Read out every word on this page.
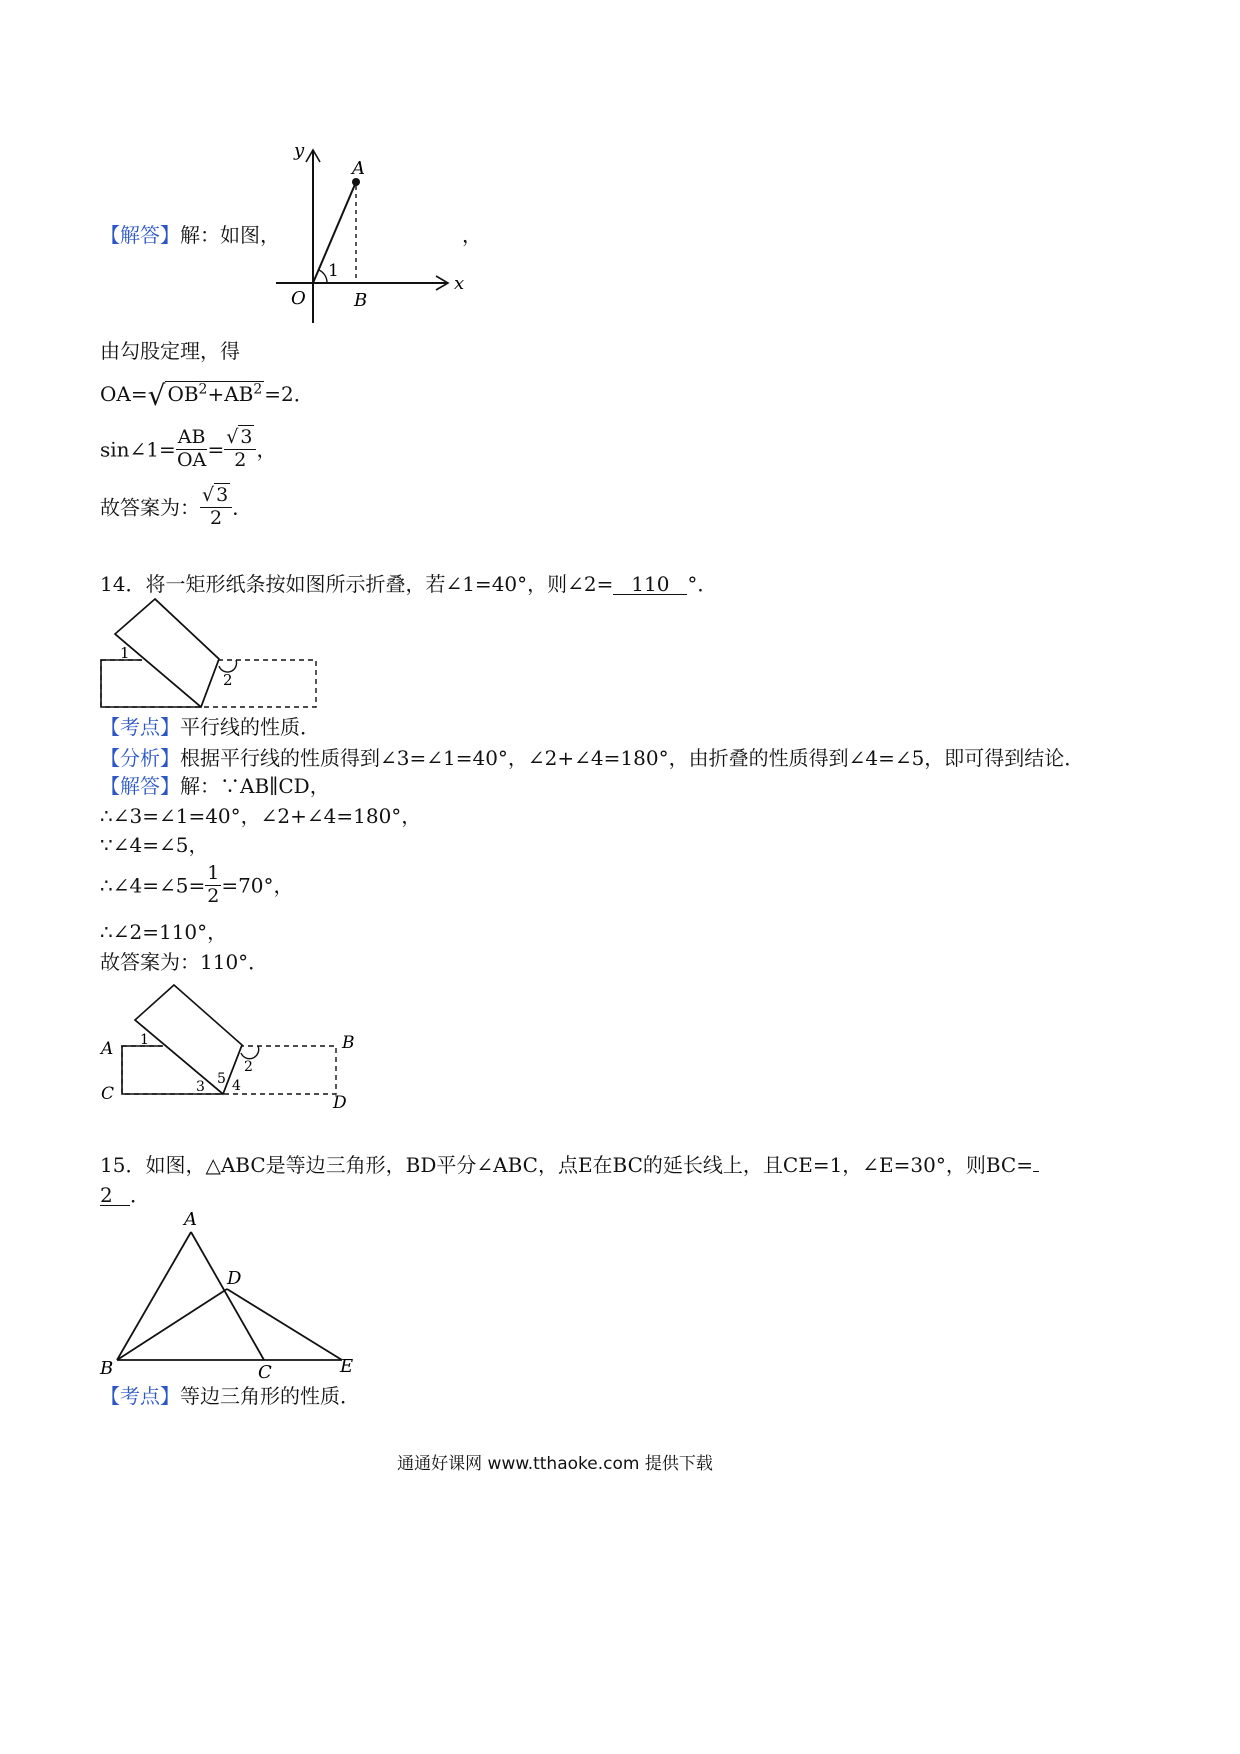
【解答】解：如图，	，
y
A
1
x
O	B
由勾股定理，得
OA=√ $OB^2+AB^2 =2$．
sin∠1= $\frac{AB}{OA} = \frac{√ 3}{2}$ ，
故答案为： $\frac{√ 3}{2}$ ．
14．将一矩形纸条按如图所示折叠，若∠1=40°，则∠2= 110 °．
1
2
【考点】平行线的性质．
【分析】根据平行线的性质得到∠3=∠1=40°，∠2+∠4=180°，由折叠的性质得到∠4=∠5，即可得到结论．
【解答】解：∵AB∥CD，
∴∠3=∠1=40°，∠2+∠4=180°，
∵∠4=∠5，
∴∠4=∠5= $\frac{1}{2} =70^\circ$，
∴∠2=110°，
故答案为：110°．
A
C
B
D
1
2
3 5 4
15．如图，△ABC是等边三角形，BD平分∠ABC，点E在BC的延长线上，且CE=1，∠E=30°，则BC=
2 ．
A
D
B	C	E
【考点】等边三角形的性质．
通通好课网 www.tthaoke.com 提供下载
